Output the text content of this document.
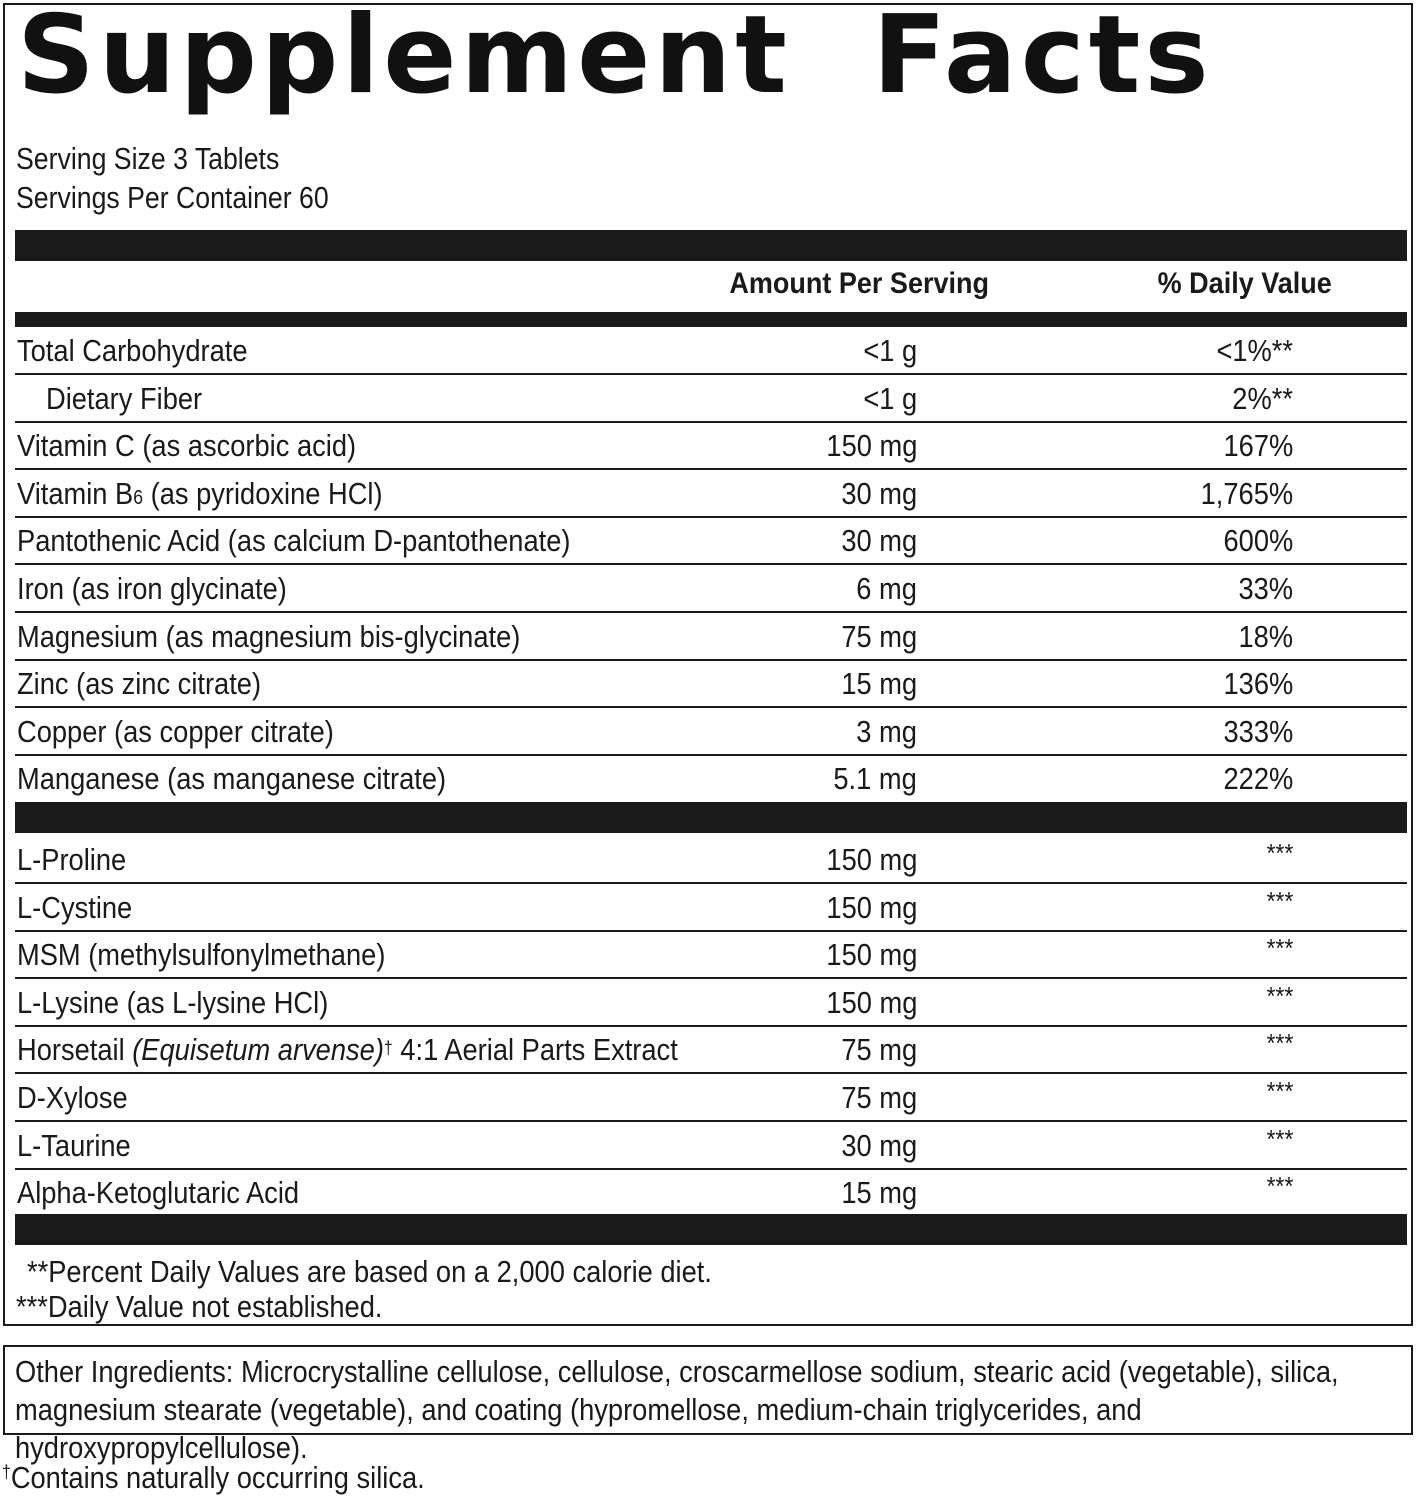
Supplement Facts
Serving Size 3 Tablets
Servings Per Container 60
Amount Per Serving	% Daily Value
Total Carbohydrate	<1 g	<1%**
Dietary Fiber	<1 g	2%**
Vitamin C (as ascorbic acid)	150 mg	167%
Vitamin B6 (as pyridoxine HCl)	30 mg	1,765%
Pantothenic Acid (as calcium D-pantothenate)	30 mg	600%
Iron (as iron glycinate)	6 mg	33%
Magnesium (as magnesium bis-glycinate)	75 mg	18%
Zinc (as zinc citrate)	15 mg	136%
Copper (as copper citrate)	3 mg	333%
Manganese (as manganese citrate)	5.1 mg	222%
L-Proline	150 mg	***
L-Cystine	150 mg	***
MSM (methylsulfonylmethane)	150 mg	***
L-Lysine (as L-lysine HCl)	150 mg	***
Horsetail (Equisetum arvense)† 4:1 Aerial Parts Extract	75 mg	***
D-Xylose	75 mg	***
L-Taurine	30 mg	***
Alpha-Ketoglutaric Acid	15 mg	***
**Percent Daily Values are based on a 2,000 calorie diet.
***Daily Value not established.
Other Ingredients: Microcrystalline cellulose, cellulose, croscarmellose sodium, stearic acid (vegetable), silica, magnesium stearate (vegetable), and coating (hypromellose, medium-chain triglycerides, and hydroxypropylcellulose).
†Contains naturally occurring silica.
